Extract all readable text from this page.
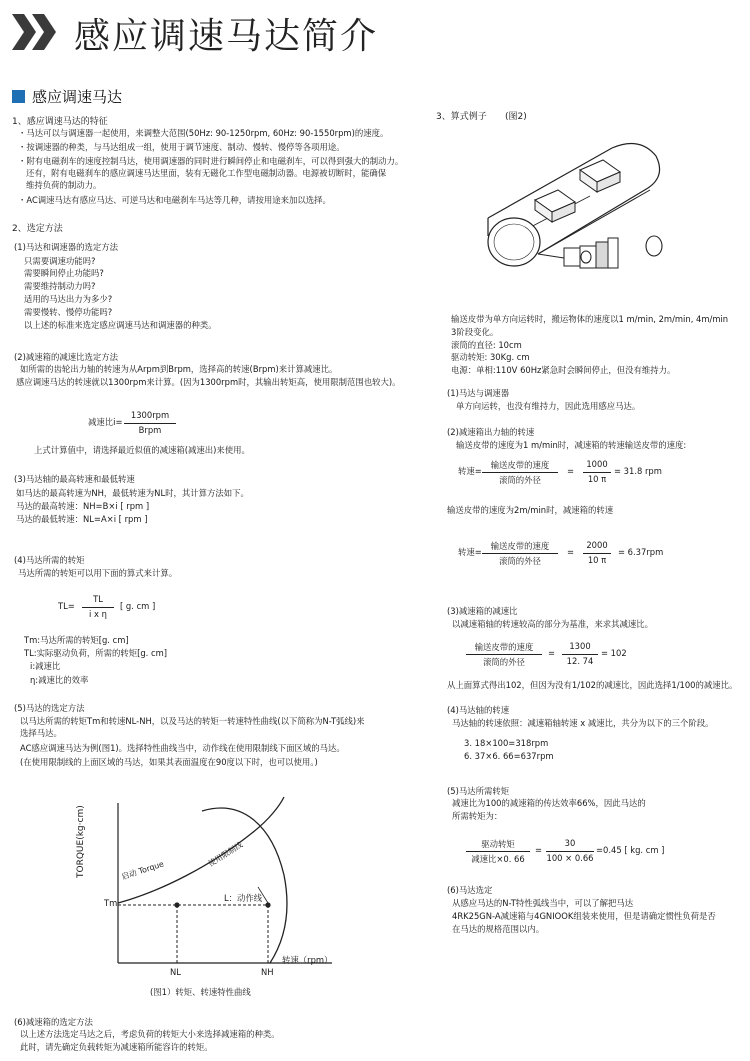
感应调速马达简介
感应调速马达
1、感应调速马达的特征
・马达可以与调速器一起使用，来调整大范围(50Hz: 90-1250rpm, 60Hz: 90-1550rpm)的速度。
・按调速器的种类，与马达组成一组，使用于调节速度、制动、慢转、慢停等各项用途。
・附有电磁刹车的速度控制马达，使用调速器的同时进行瞬间停止和电磁刹车，可以得到强大的制动力。
还有，附有电磁刹车的感应调速马达里面，装有无磁化工作型电磁制动器。电源被切断时，能确保
维持负荷的制动力。
・AC调速马达有感应马达、可逆马达和电磁刹车马达等几种，请按用途来加以选择。
2、选定方法
(1)马达和调速器的选定方法
只需要调速功能吗?
需要瞬间停止功能吗?
需要维持制动力吗?
适用的马达出力为多少?
需要慢转、慢停功能吗?
以上述的标准来选定感应调速马达和调速器的种类。
(2)减速箱的减速比选定方法
如所需的齿轮出力轴的转速为从Arpm到Brpm，选择高的转速(Brpm)来计算减速比。
感应调速马达的转速就以1300rpm来计算。(因为1300rpm时，其输出转矩高，使用限制范围也较大)。
减速比i=
1300rpm
Brpm
上式计算值中，请选择最近似值的减速箱(减速出)来使用。
(3)马达轴的最高转速和最低转速
如马达的最高转速为NH，最低转速为NL时，其计算方法如下。
马达的最高转速：NH=B×i [ rpm ]
马达的最低转速：NL=A×i [ rpm ]
(4)马达所需的转矩
马达所需的转矩可以用下面的算式来计算。
TL=
TL
i x η
[ g. cm ]
Tm:马达所需的转矩[g. cm]
TL:实际驱动负荷，所需的转矩[g. cm]
i:减速比
η:减速比的效率
(5)马达的选定方法
以马达所需的转矩Tm和转速NL-NH，以及马达的转矩一转速特性曲线(以下简称为N-T弧线)来
选择马达。
AC感应调速马达为例(图1)。选择特性曲线当中，动作线在使用限制线下面区域的马达。
(在使用限制线的上面区域的马达，如果其表面温度在90度以下时，也可以使用。)
TORQUE(kg·cm)	启动 Torque
使用限制线
Tm	L：动作线
NL	NH
转速（rpm）
(图1）转矩、转速特性曲线
(6)减速箱的选定方法
以上述方法选定马达之后，考虑负荷的转矩大小来选择减速箱的种类。
此时，请先确定负载转矩为减速箱所能容许的转矩。
3、算式例子 (图2)
输送皮带为单方向运转时，搬运物体的速度以1 m/min, 2m/min, 4m/min
3阶段变化。
滚筒的直径: 10cm
驱动转矩: 30Kg. cm
电源：单相:110V 60Hz紧急时会瞬间停止，但没有维持力。
(1)马达与调速器
单方向运转，也没有维持力，因此选用感应马达。
(2)减速箱出力轴的转速
输送皮带的速度为1 m/min时，减速箱的转速输送皮带的速度:
转速=
输送皮带的速度
滚筒的外径
=
1000
10 π
= 31.8 rpm
输送皮带的速度为2m/min时，减速箱的转速
转速=
输送皮带的速度
滚筒的外径
=
2000
10 π
= 6.37rpm
(3)减速箱的减速比
以减速箱轴的转速较高的部分为基准，来求其减速比。
输送皮带的速度
滚筒的外径
=
1300
12. 74
= 102
从上面算式得出102，但因为没有1/102的减速比，因此选择1/100的减速比。
(4)马达轴的转速
马达轴的转速依照：减速箱轴转速 x 减速比，共分为以下的三个阶段。
3. 18×100=318rpm
6. 37×6. 66=637rpm
(5)马达所需转矩
减速比为100的减速箱的传达效率66%，因此马达的
所需转矩为：
驱动转矩
减速比×0. 66
=
30
100 × 0.66
=0.45 [ kg. cm ]
(6)马达选定
从感应马达的N-T特性弧线当中，可以了解把马达
4RK25GN-A减速箱与4GNIOOK组装来使用，但是请确定惯性负荷是否
在马达的规格范围以内。
